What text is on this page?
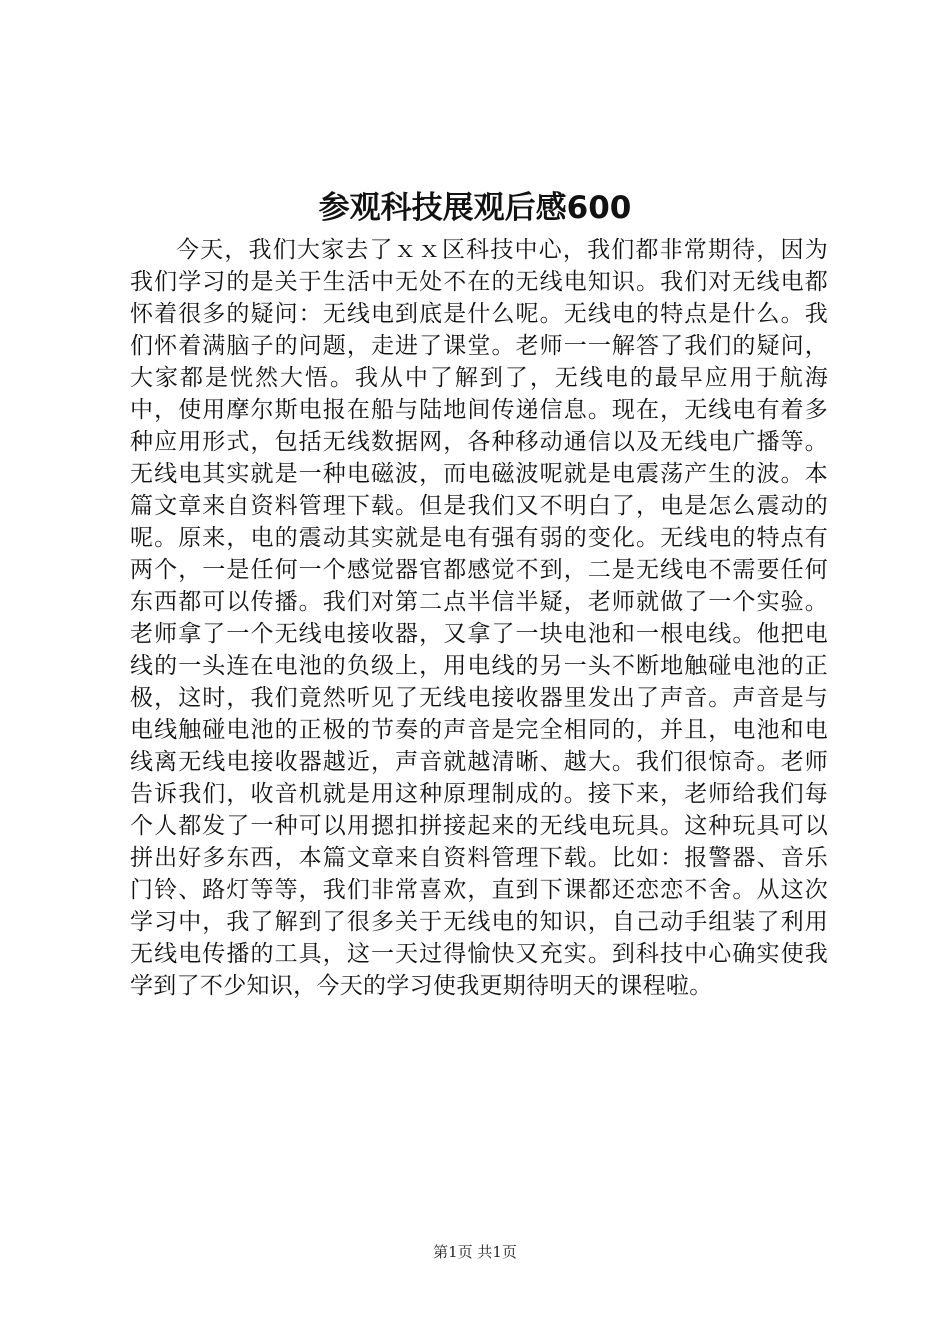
参观科技展观后感600

今天，我们大家去了ｘｘ区科技中心，我们都非常期待，因为我们学习的是关于生活中无处不在的无线电知识。我们对无线电都怀着很多的疑问：无线电到底是什么呢。无线电的特点是什么。我们怀着满脑子的问题，走进了课堂。老师一一解答了我们的疑问，大家都是恍然大悟。我从中了解到了，无线电的最早应用于航海中，使用摩尔斯电报在船与陆地间传递信息。现在，无线电有着多种应用形式，包括无线数据网，各种移动通信以及无线电广播等。无线电其实就是一种电磁波，而电磁波呢就是电震荡产生的波。本篇文章来自资料管理下载。但是我们又不明白了，电是怎么震动的呢。原来，电的震动其实就是电有强有弱的变化。无线电的特点有两个，一是任何一个感觉器官都感觉不到，二是无线电不需要任何东西都可以传播。我们对第二点半信半疑，老师就做了一个实验。老师拿了一个无线电接收器，又拿了一块电池和一根电线。他把电线的一头连在电池的负级上，用电线的另一头不断地触碰电池的正极，这时，我们竟然听见了无线电接收器里发出了声音。声音是与电线触碰电池的正极的节奏的声音是完全相同的，并且，电池和电线离无线电接收器越近，声音就越清晰、越大。我们很惊奇。老师告诉我们，收音机就是用这种原理制成的。接下来，老师给我们每个人都发了一种可以用摁扣拼接起来的无线电玩具。这种玩具可以拼出好多东西，本篇文章来自资料管理下载。比如：报警器、音乐门铃、路灯等等，我们非常喜欢，直到下课都还恋恋不舍。从这次学习中，我了解到了很多关于无线电的知识，自己动手组装了利用无线电传播的工具，这一天过得愉快又充实。到科技中心确实使我学到了不少知识，今天的学习使我更期待明天的课程啦。

第1页 共1页
